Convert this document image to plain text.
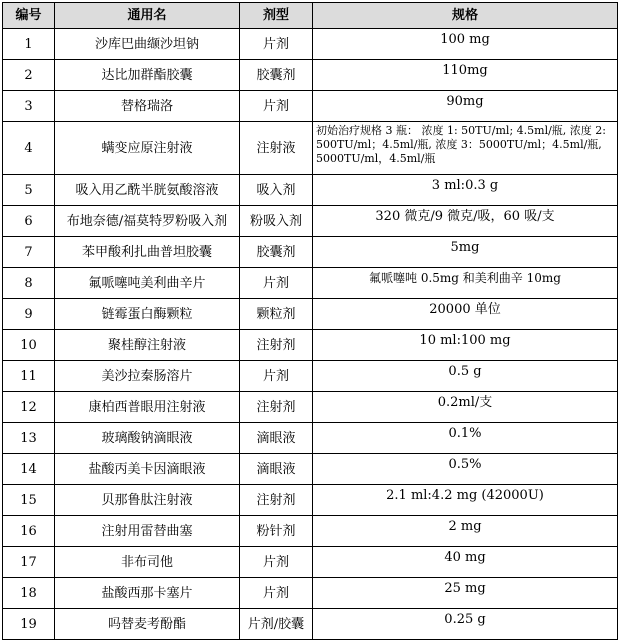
编号	通用名	剂型	规格
1	沙库巴曲缬沙坦钠	片剂	100 mg
2	达比加群酯胶囊	胶囊剂	110mg
3	替格瑞洛	片剂	90mg
4	螨变应原注射液	注射液	初始治疗规格 3 瓶： 浓度 1: 50TU/ml; 4.5ml/瓶, 浓度 2: 500TU/ml；4.5ml/瓶, 浓度 3：5000TU/ml；4.5ml/瓶, 5000TU/ml，4.5ml/瓶
5	吸入用乙酰半胱氨酸溶液	吸入剂	3 ml:0.3 g
6	布地奈德/福莫特罗粉吸入剂	粉吸入剂	320 微克/9 微克/吸，60 吸/支
7	苯甲酸利扎曲普坦胶囊	胶囊剂	5mg
8	氟哌噻吨美利曲辛片	片剂	氟哌噻吨 0.5mg 和美利曲辛 10mg
9	链霉蛋白酶颗粒	颗粒剂	20000 单位
10	聚桂醇注射液	注射剂	10 ml:100 mg
11	美沙拉秦肠溶片	片剂	0.5 g
12	康柏西普眼用注射液	注射剂	0.2ml/支
13	玻璃酸钠滴眼液	滴眼液	0.1%
14	盐酸丙美卡因滴眼液	滴眼液	0.5%
15	贝那鲁肽注射液	注射剂	2.1 ml:4.2 mg (42000U)
16	注射用雷替曲塞	粉针剂	2 mg
17	非布司他	片剂	40 mg
18	盐酸西那卡塞片	片剂	25 mg
19	吗替麦考酚酯	片剂/胶囊	0.25 g
